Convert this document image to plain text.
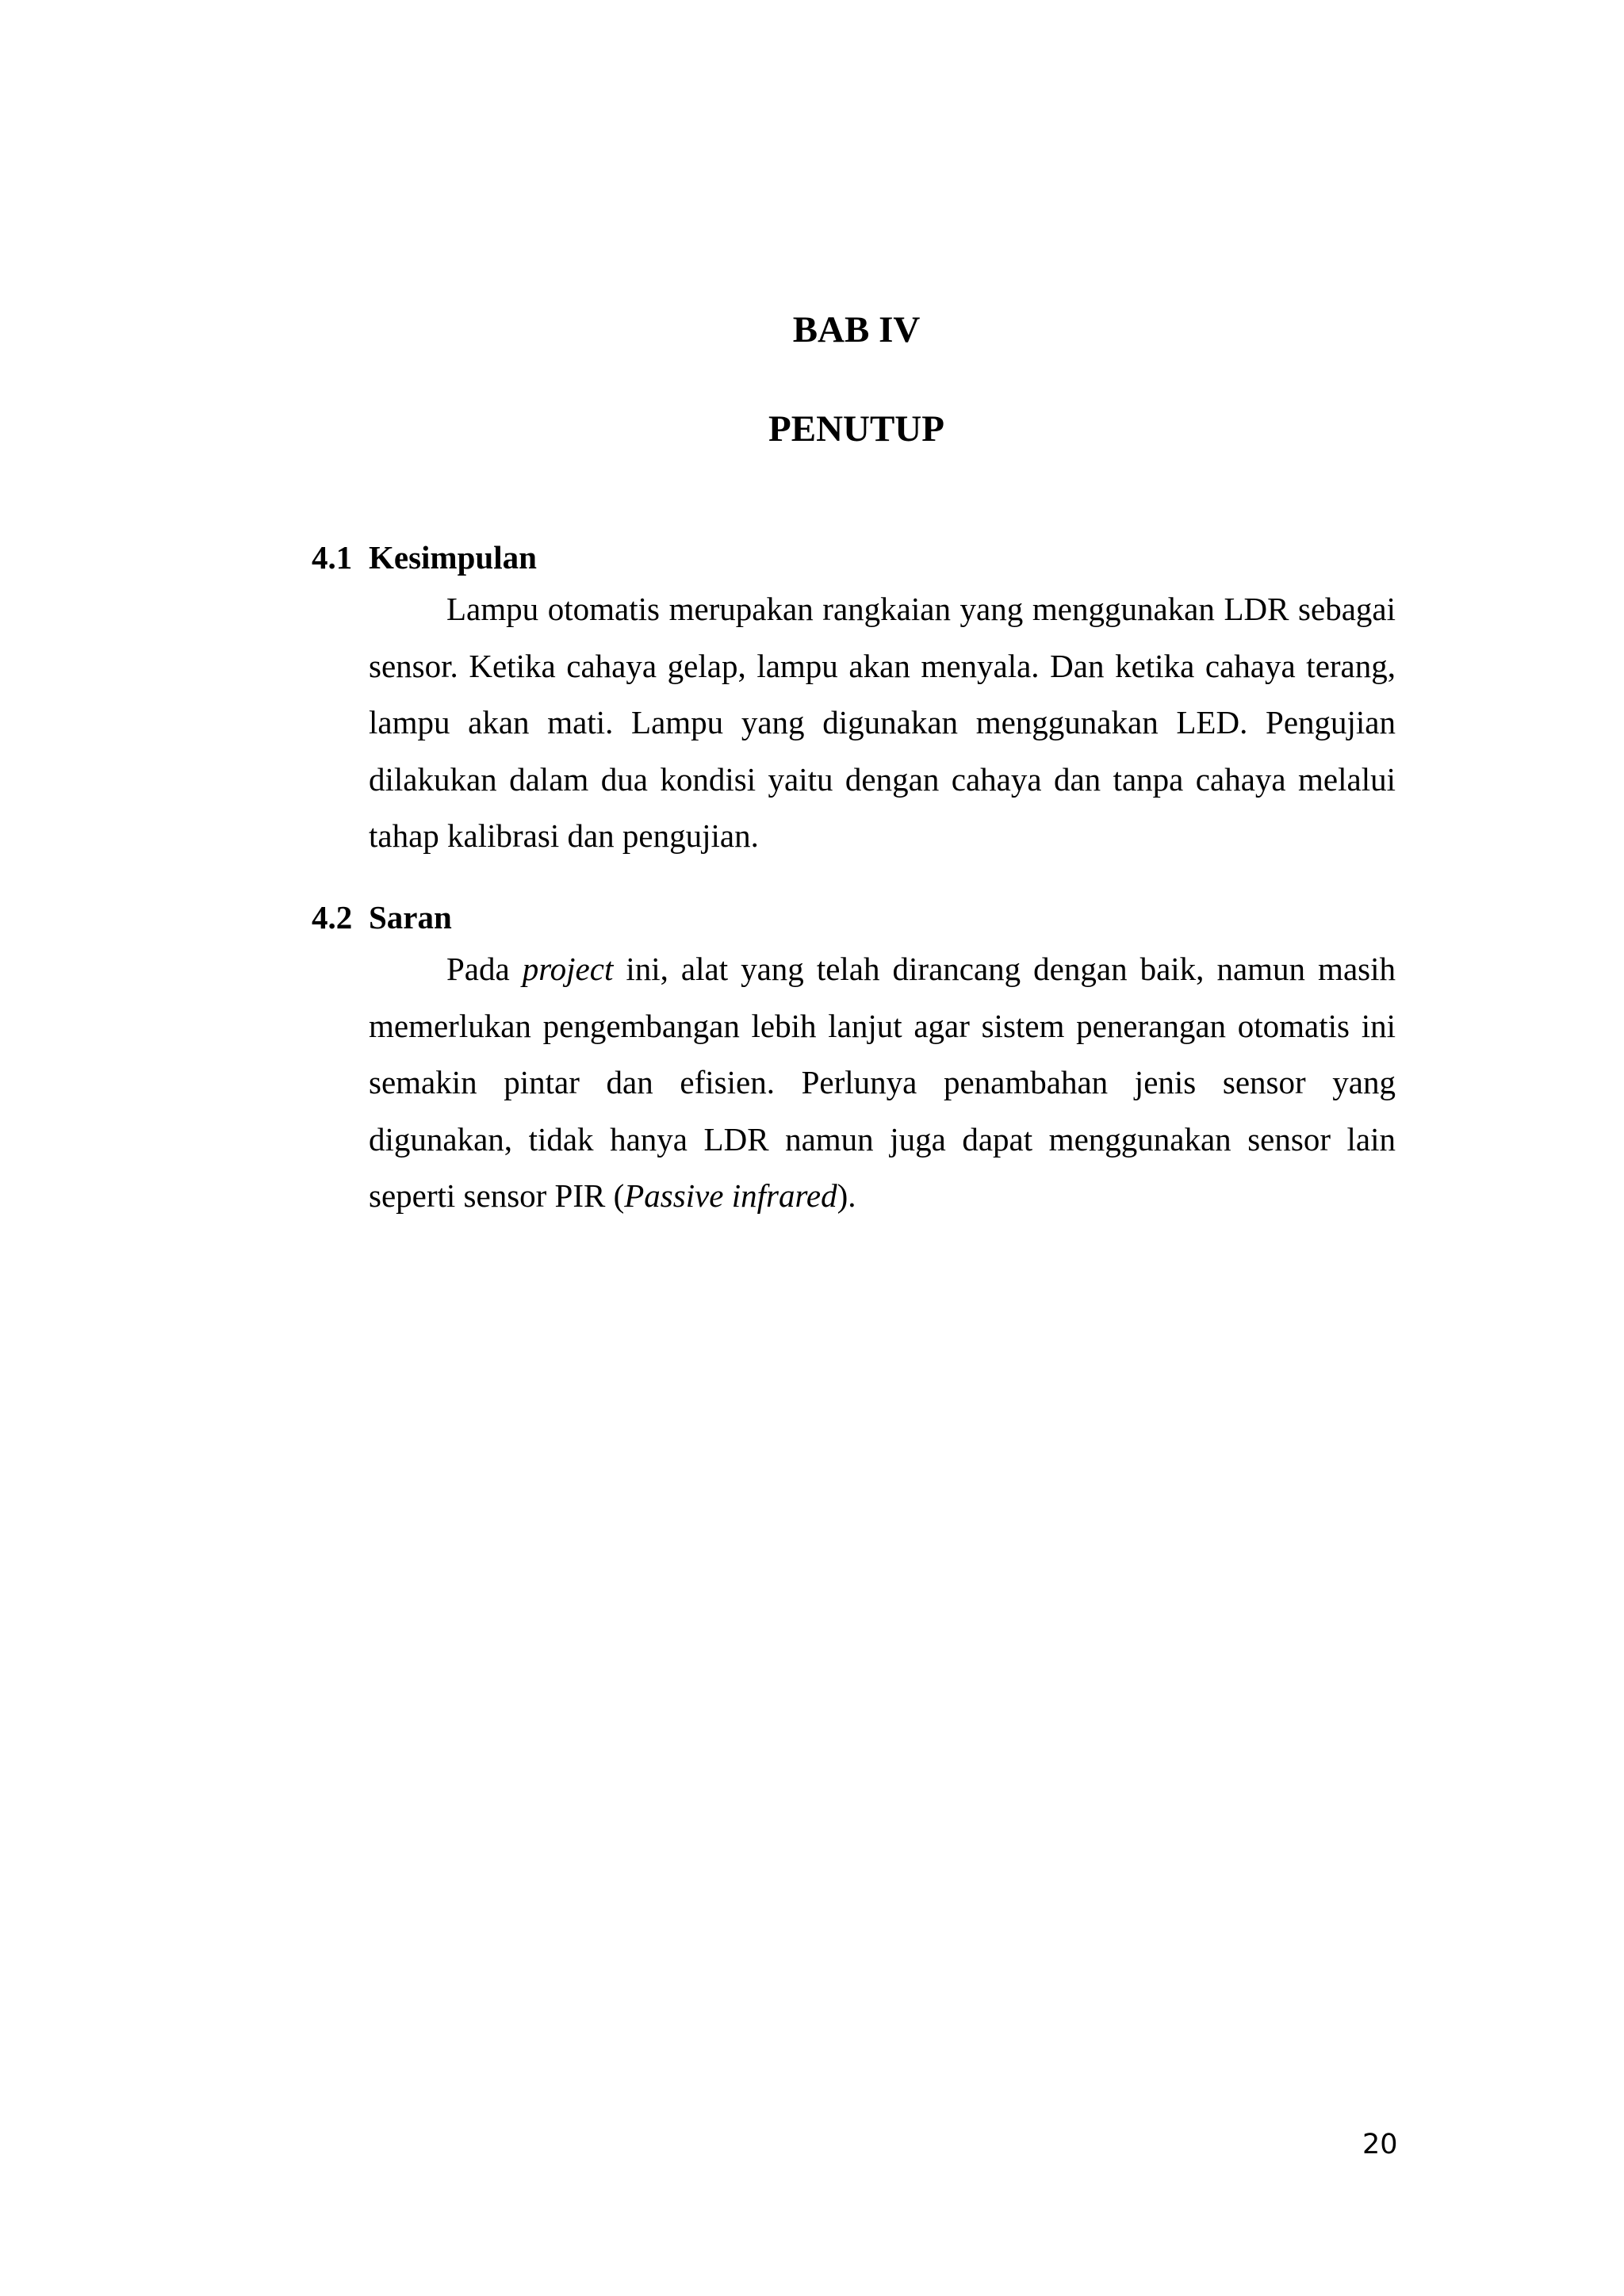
BAB IV
PENUTUP
4.1 Kesimpulan

Lampu otomatis merupakan rangkaian yang menggunakan LDR sebagai sensor. Ketika cahaya gelap, lampu akan menyala. Dan ketika cahaya terang, lampu akan mati. Lampu yang digunakan menggunakan LED. Pengujian dilakukan dalam dua kondisi yaitu dengan cahaya dan tanpa cahaya melalui tahap kalibrasi dan pengujian.

4.2 Saran

Pada project ini, alat yang telah dirancang dengan baik, namun masih memerlukan pengembangan lebih lanjut agar sistem penerangan otomatis ini semakin pintar dan efisien. Perlunya penambahan jenis sensor yang digunakan, tidak hanya LDR namun juga dapat menggunakan sensor lain seperti sensor PIR (Passive infrared).

20
